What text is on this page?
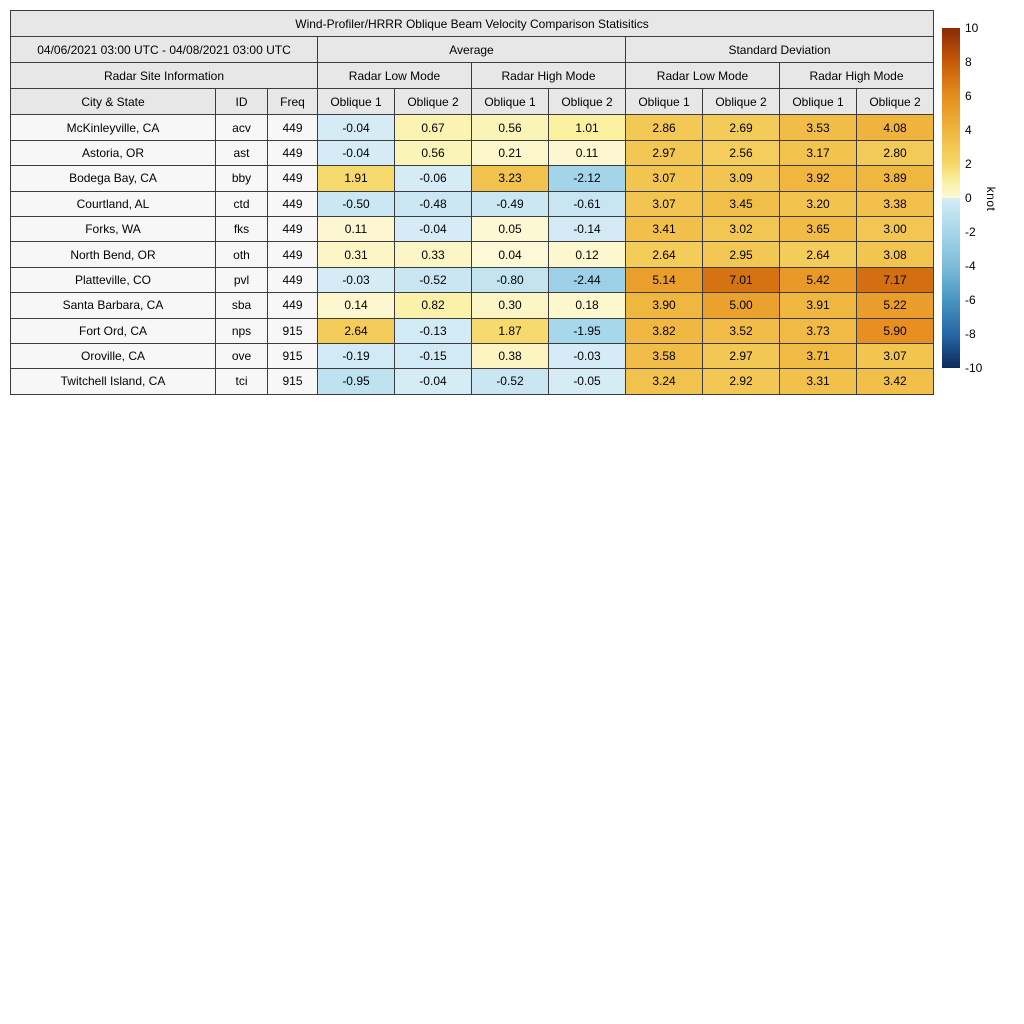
Wind-Profiler/HRRR Oblique Beam Velocity Comparison Statisitics										
04/06/2021 03:00 UTC - 04/08/2021 03:00 UTC			Average				Standard Deviation			
Radar Site Information			Radar Low Mode		Radar High Mode		Radar Low Mode		Radar High Mode	
City & State	ID	Freq	Oblique 1	Oblique 2	Oblique 1	Oblique 2	Oblique 1	Oblique 2	Oblique 1	Oblique 2
McKinleyville, CA	acv	449	-0.04	0.67	0.56	1.01	2.86	2.69	3.53	4.08
Astoria, OR	ast	449	-0.04	0.56	0.21	0.11	2.97	2.56	3.17	2.80
Bodega Bay, CA	bby	449	1.91	-0.06	3.23	-2.12	3.07	3.09	3.92	3.89
Courtland, AL	ctd	449	-0.50	-0.48	-0.49	-0.61	3.07	3.45	3.20	3.38
Forks, WA	fks	449	0.11	-0.04	0.05	-0.14	3.41	3.02	3.65	3.00
North Bend, OR	oth	449	0.31	0.33	0.04	0.12	2.64	2.95	2.64	3.08
Platteville, CO	pvl	449	-0.03	-0.52	-0.80	-2.44	5.14	7.01	5.42	7.17
Santa Barbara, CA	sba	449	0.14	0.82	0.30	0.18	3.90	5.00	3.91	5.22
Fort Ord, CA	nps	915	2.64	-0.13	1.87	-1.95	3.82	3.52	3.73	5.90
Oroville, CA	ove	915	-0.19	-0.15	0.38	-0.03	3.58	2.97	3.71	3.07
Twitchell Island, CA	tci	915	-0.95	-0.04	-0.52	-0.05	3.24	2.92	3.31	3.42
10
8
6
4
2
0
-2
-4
-6
-8
-10
knot
